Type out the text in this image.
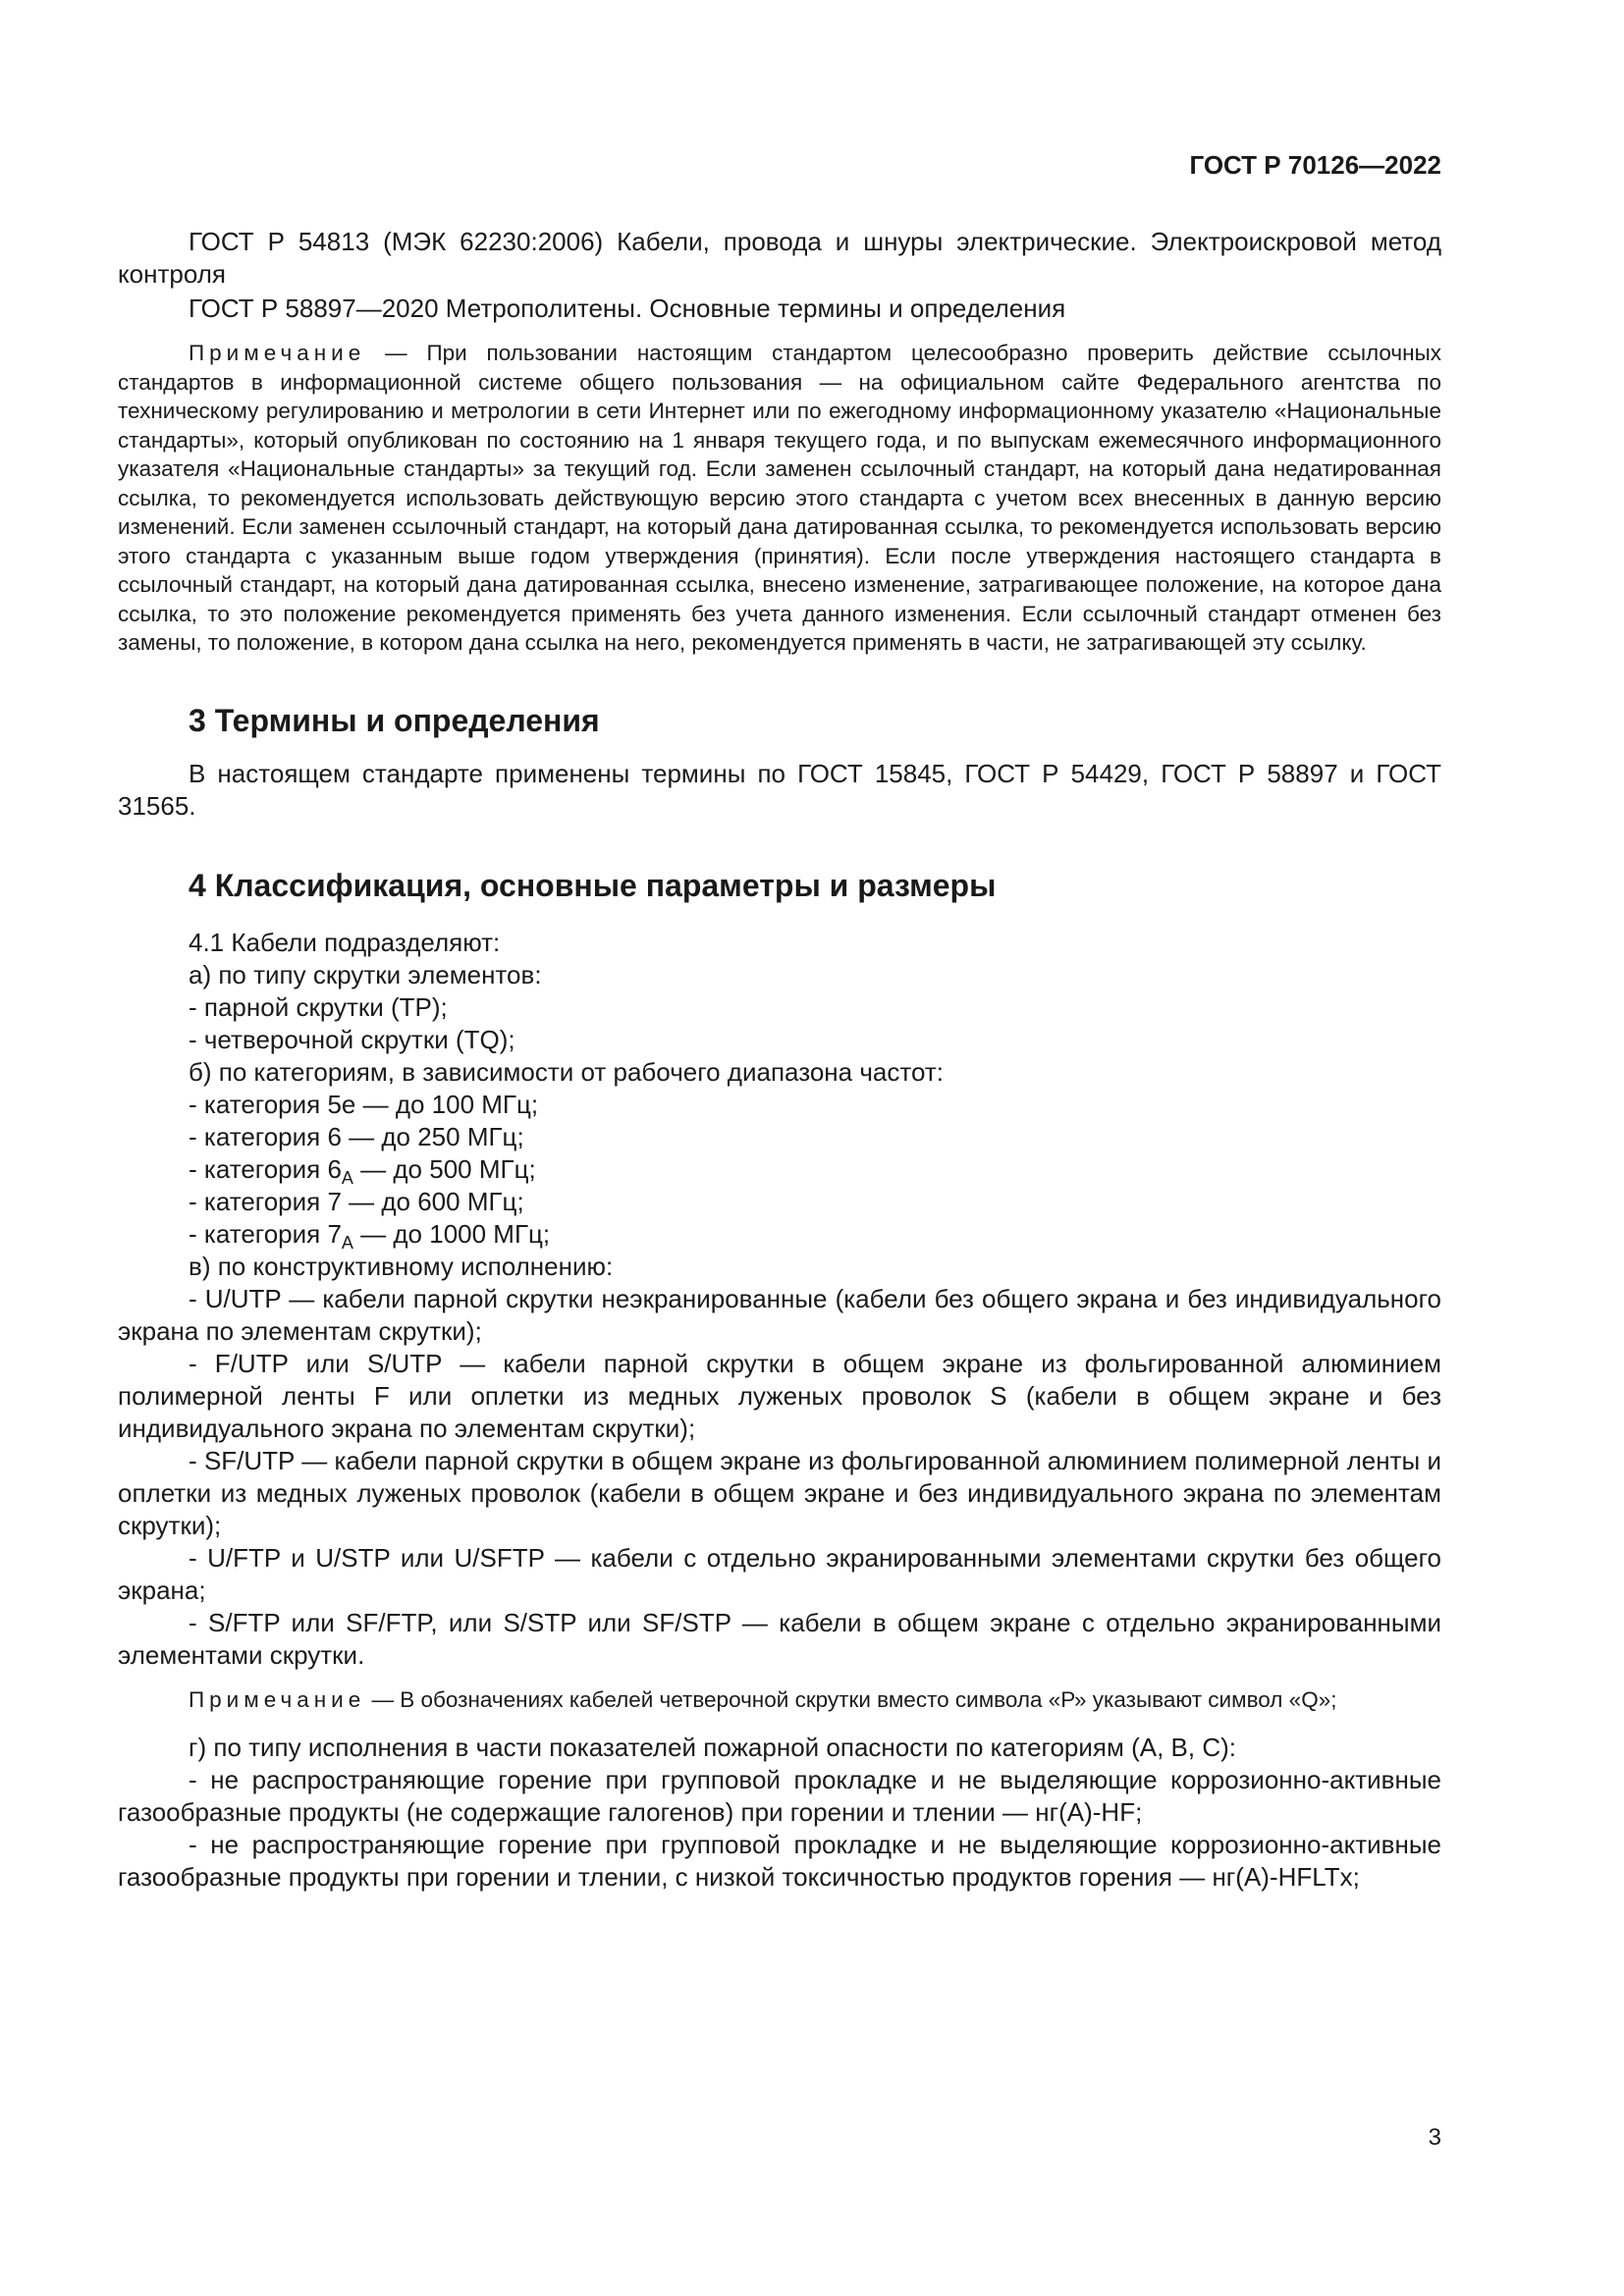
ГОСТ Р 70126—2022

ГОСТ Р 54813 (МЭК 62230:2006) Кабели, провода и шнуры электрические. Электроискровой метод контроля

ГОСТ Р 58897—2020 Метрополитены. Основные термины и определения

Примечание — При пользовании настоящим стандартом целесообразно проверить действие ссылочных стандартов в информационной системе общего пользования — на официальном сайте Федерального агентства по техническому регулированию и метрологии в сети Интернет или по ежегодному информационному указателю «Национальные стандарты», который опубликован по состоянию на 1 января текущего года, и по выпускам ежемесячного информационного указателя «Национальные стандарты» за текущий год. Если заменен ссылочный стандарт, на который дана недатированная ссылка, то рекомендуется использовать действующую версию этого стандарта с учетом всех внесенных в данную версию изменений. Если заменен ссылочный стандарт, на который дана датированная ссылка, то рекомендуется использовать версию этого стандарта с указанным выше годом утверждения (принятия). Если после утверждения настоящего стандарта в ссылочный стандарт, на который дана датированная ссылка, внесено изменение, затрагивающее положение, на которое дана ссылка, то это положение рекомендуется применять без учета данного изменения. Если ссылочный стандарт отменен без замены, то положение, в котором дана ссылка на него, рекомендуется применять в части, не затрагивающей эту ссылку.

3 Термины и определения

В настоящем стандарте применены термины по ГОСТ 15845, ГОСТ Р 54429, ГОСТ Р 58897 и ГОСТ 31565.

4 Классификация, основные параметры и размеры

4.1 Кабели подразделяют:

а) по типу скрутки элементов:

- парной скрутки (TP);

- четверочной скрутки (TQ);

б) по категориям, в зависимости от рабочего диапазона частот:

- категория 5е — до 100 МГц;

- категория 6 — до 250 МГц;

- категория $6_A$ — до 500 МГц;

- категория 7 — до 600 МГц;

- категория $7_A$ — до 1000 МГц;

в) по конструктивному исполнению:

- U/UTP — кабели парной скрутки неэкранированные (кабели без общего экрана и без индивидуального экрана по элементам скрутки);

- F/UTP или S/UTP — кабели парной скрутки в общем экране из фольгированной алюминием полимерной ленты F или оплетки из медных луженых проволок S (кабели в общем экране и без индивидуального экрана по элементам скрутки);

- SF/UTP — кабели парной скрутки в общем экране из фольгированной алюминием полимерной ленты и оплетки из медных луженых проволок (кабели в общем экране и без индивидуального экрана по элементам скрутки);

- U/FTP и U/STP или U/SFTP — кабели с отдельно экранированными элементами скрутки без общего экрана;

- S/FTP или SF/FTP, или S/STP или SF/STP — кабели в общем экране с отдельно экранированными элементами скрутки.

Примечание — В обозначениях кабелей четверочной скрутки вместо символа «Р» указывают символ «Q»;

г) по типу исполнения в части показателей пожарной опасности по категориям (А, В, С):

- не распространяющие горение при групповой прокладке и не выделяющие коррозионно-активные газообразные продукты (не содержащие галогенов) при горении и тлении — нг(A)-HF;

- не распространяющие горение при групповой прокладке и не выделяющие коррозионно-активные газообразные продукты при горении и тлении, с низкой токсичностью продуктов горения — нг(А)-HFLTx;

3
